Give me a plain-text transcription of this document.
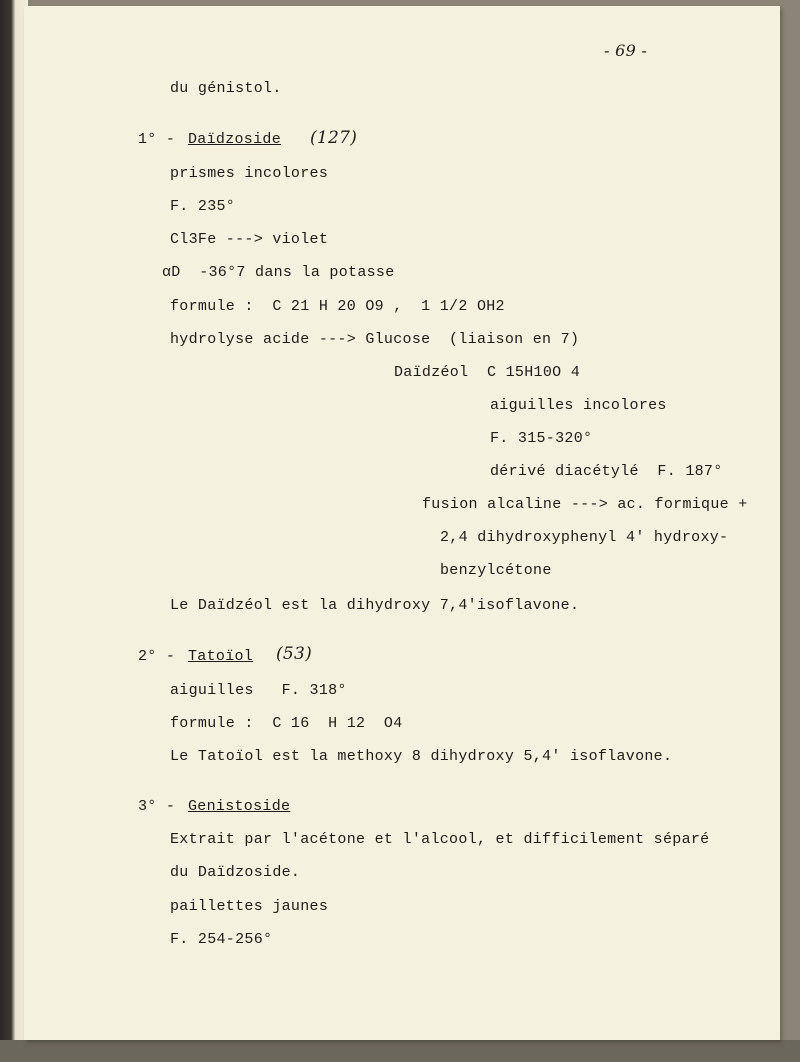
- 69 -
du génistol.
1° - Daïdzoside (127)
prismes incolores
F. 235°
Cl3Fe ---> violet
αD  -36°7 dans la potasse
formule :  C 21 H 20 O9 ,  1 1/2 OH2
hydrolyse acide ---> Glucose  (liaison en 7)
Daïdzéol  C 15H10O 4
aiguilles incolores
F. 315-320°
dérivé diacétylé  F. 187°
fusion alcaline ---> ac. formique +
2,4 dihydroxyphenyl 4' hydroxy-
benzylcétone
Le Daïdzéol est la dihydroxy 7,4'isoflavone.
2° - Tatoïol (53)
aiguilles   F. 318°
formule :  C 16  H 12  O4
Le Tatoïol est la methoxy 8 dihydroxy 5,4' isoflavone.
3° - Genistoside
Extrait par l'acétone et l'alcool, et difficilement séparé
du Daïdzoside.
paillettes jaunes
F. 254-256°
